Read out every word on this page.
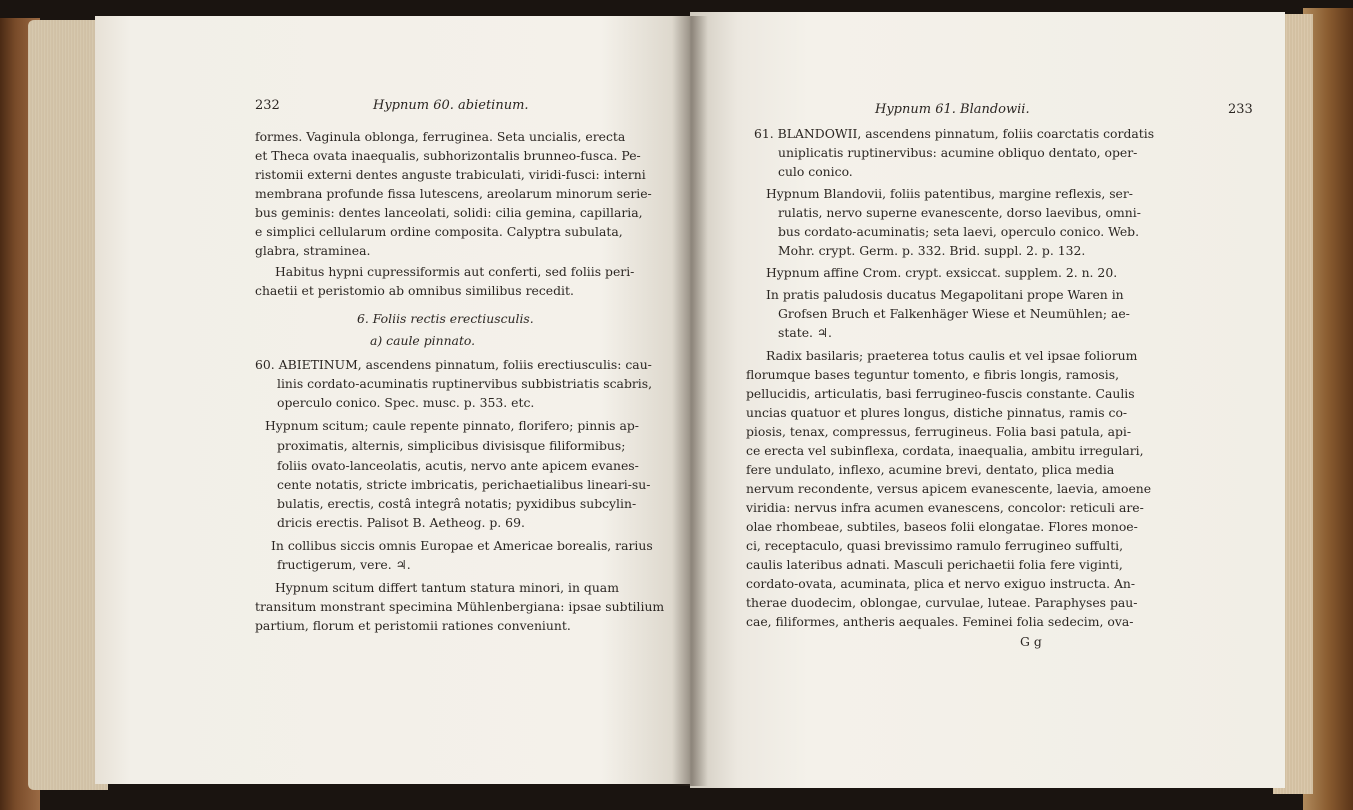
232	Hypnum 60. abietinum.
formes. Vaginula oblonga, ferruginea. Seta uncialis, erecta
et Theca ovata inaequalis, subhorizontalis brunneo-fusca. Pe-
ristomii externi dentes anguste trabiculati, viridi-fusci: interni
membrana profunde fissa lutescens, areolarum minorum serie-
bus geminis: dentes lanceolati, solidi: cilia gemina, capillaria,
e simplici cellularum ordine composita. Calyptra subulata,
glabra, straminea.
Habitus hypni cupressiformis aut conferti, sed foliis peri-
chaetii et peristomio ab omnibus similibus recedit.
6. Foliis rectis erectiusculis.
a) caule pinnato.
60. ABIETINUM, ascendens pinnatum, foliis erectiusculis: cau-
linis cordato-acuminatis ruptinervibus subbistriatis scabris,
operculo conico. Spec. musc. p. 353. etc.
Hypnum scitum; caule repente pinnato, florifero; pinnis ap-
proximatis, alternis, simplicibus divisisque filiformibus;
foliis ovato-lanceolatis, acutis, nervo ante apicem evanes-
cente notatis, stricte imbricatis, perichaetialibus lineari-su-
bulatis, erectis, costâ integrâ notatis; pyxidibus subcylin-
dricis erectis. Palisot B. Aetheog. p. 69.
In collibus siccis omnis Europae et Americae borealis, rarius
fructigerum, vere. ♃.
Hypnum scitum differt tantum statura minori, in quam
transitum monstrant specimina Mühlenbergiana: ipsae subtilium
partium, florum et peristomii rationes conveniunt.
Hypnum 61. Blandowii.	233
61. BLANDOWII, ascendens pinnatum, foliis coarctatis cordatis
uniplicatis ruptinervibus: acumine obliquo dentato, oper-
culo conico.
Hypnum Blandovii, foliis patentibus, margine reflexis, ser-
rulatis, nervo superne evanescente, dorso laevibus, omni-
bus cordato-acuminatis; seta laevi, operculo conico. Web.
Mohr. crypt. Germ. p. 332. Brid. suppl. 2. p. 132.
Hypnum affine Crom. crypt. exsiccat. supplem. 2. n. 20.
In pratis paludosis ducatus Megapolitani prope Waren in
Grofsen Bruch et Falkenhäger Wiese et Neumühlen; ae-
state. ♃.
Radix basilaris; praeterea totus caulis et vel ipsae foliorum
florumque bases teguntur tomento, e fibris longis, ramosis,
pellucidis, articulatis, basi ferrugineo-fuscis constante. Caulis
uncias quatuor et plures longus, distiche pinnatus, ramis co-
piosis, tenax, compressus, ferrugineus. Folia basi patula, api-
ce erecta vel subinflexa, cordata, inaequalia, ambitu irregulari,
fere undulato, inflexo, acumine brevi, dentato, plica media
nervum recondente, versus apicem evanescente, laevia, amoene
viridia: nervus infra acumen evanescens, concolor: reticuli are-
olae rhombeae, subtiles, baseos folii elongatae. Flores monoe-
ci, receptaculo, quasi brevissimo ramulo ferrugineo suffulti,
caulis lateribus adnati. Masculi perichaetii folia fere viginti,
cordato-ovata, acuminata, plica et nervo exiguo instructa. An-
therae duodecim, oblongae, curvulae, luteae. Paraphyses pau-
cae, filiformes, antheris aequales. Feminei folia sedecim, ova-
G g
